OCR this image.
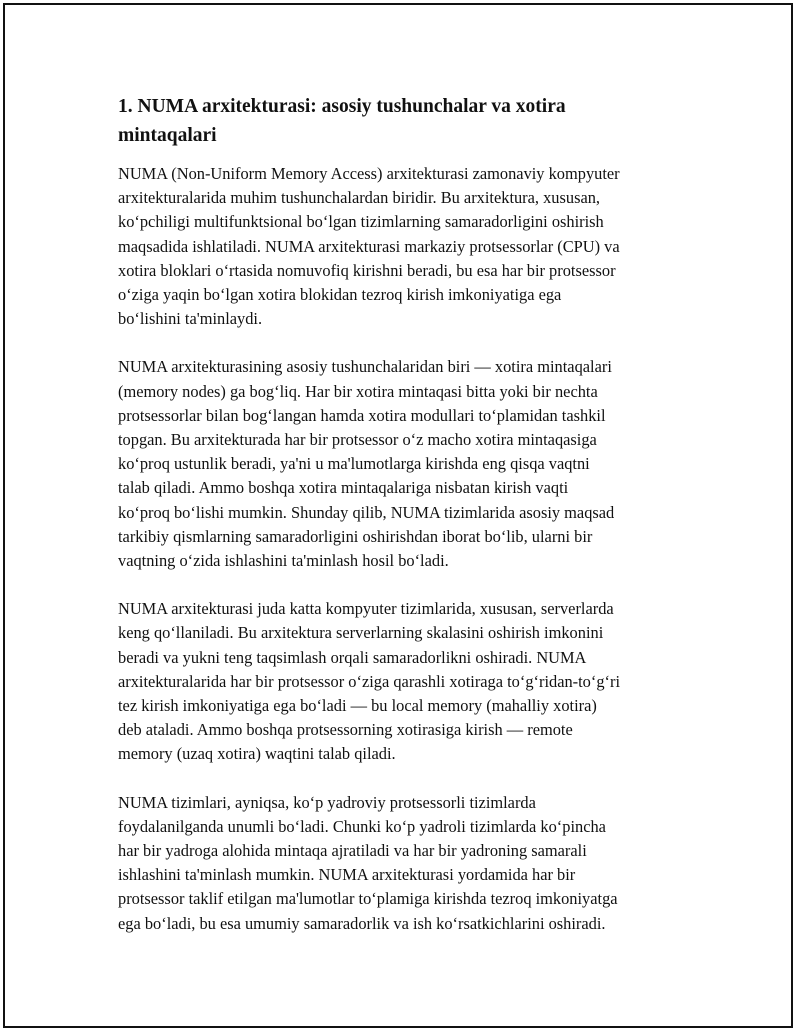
1. NUMA arxitekturasi: asosiy tushunchalar va xotira
mintaqalari

NUMA (Non-Uniform Memory Access) arxitekturasi zamonaviy kompyuter
arxitekturalarida muhim tushunchalardan biridir. Bu arxitektura, xususan,
ko‘pchiligi multifunktsional bo‘lgan tizimlarning samaradorligini oshirish
maqsadida ishlatiladi. NUMA arxitekturasi markaziy protsessorlar (CPU) va
xotira bloklari o‘rtasida nomuvofiq kirishni beradi, bu esa har bir protsessor
o‘ziga yaqin bo‘lgan xotira blokidan tezroq kirish imkoniyatiga ega
bo‘lishini ta'minlaydi.

NUMA arxitekturasining asosiy tushunchalaridan biri — xotira mintaqalari
(memory nodes) ga bog‘liq. Har bir xotira mintaqasi bitta yoki bir nechta
protsessorlar bilan bog‘langan hamda xotira modullari to‘plamidan tashkil
topgan. Bu arxitekturada har bir protsessor o‘z macho xotira mintaqasiga
ko‘proq ustunlik beradi, ya'ni u ma'lumotlarga kirishda eng qisqa vaqtni
talab qiladi. Ammo boshqa xotira mintaqalariga nisbatan kirish vaqti
ko‘proq bo‘lishi mumkin. Shunday qilib, NUMA tizimlarida asosiy maqsad
tarkibiy qismlarning samaradorligini oshirishdan iborat bo‘lib, ularni bir
vaqtning o‘zida ishlashini ta'minlash hosil bo‘ladi.

NUMA arxitekturasi juda katta kompyuter tizimlarida, xususan, serverlarda
keng qo‘llaniladi. Bu arxitektura serverlarning skalasini oshirish imkonini
beradi va yukni teng taqsimlash orqali samaradorlikni oshiradi. NUMA
arxitekturalarida har bir protsessor o‘ziga qarashli xotiraga to‘g‘ridan-to‘g‘ri
tez kirish imkoniyatiga ega bo‘ladi — bu local memory (mahalliy xotira)
deb ataladi. Ammo boshqa protsessorning xotirasiga kirish — remote
memory (uzaq xotira) waqtini talab qiladi.

NUMA tizimlari, ayniqsa, ko‘p yadroviy protsessorli tizimlarda
foydalanilganda unumli bo‘ladi. Chunki ko‘p yadroli tizimlarda ko‘pincha
har bir yadroga alohida mintaqa ajratiladi va har bir yadroning samarali
ishlashini ta'minlash mumkin. NUMA arxitekturasi yordamida har bir
protsessor taklif etilgan ma'lumotlar to‘plamiga kirishda tezroq imkoniyatga
ega bo‘ladi, bu esa umumiy samaradorlik va ish ko‘rsatkichlarini oshiradi.
